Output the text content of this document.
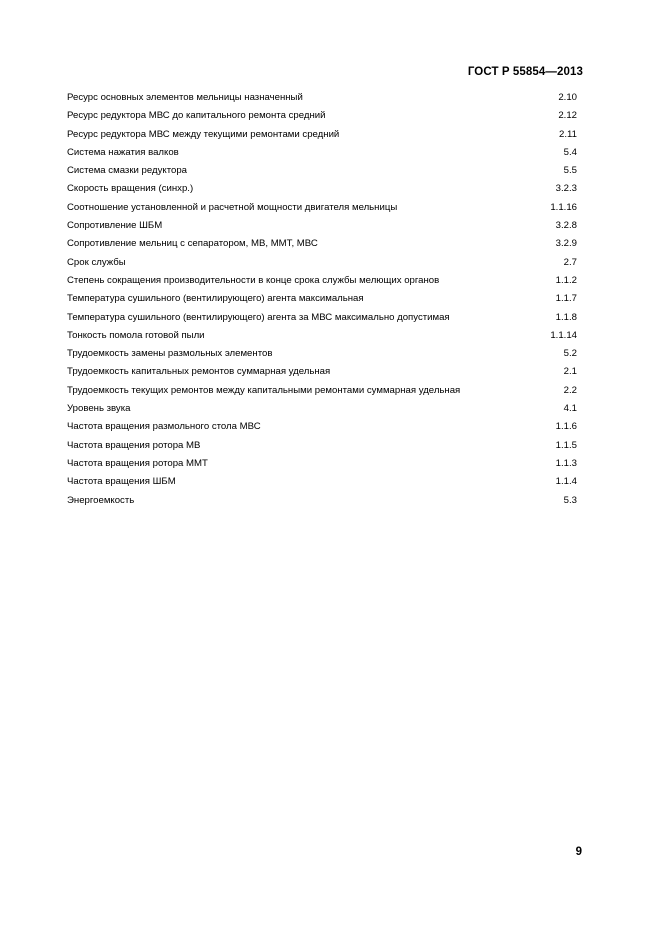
ГОСТ Р 55854—2013
Ресурс основных элементов мельницы назначенный	2.10
Ресурс редуктора МВС до капитального ремонта средний	2.12
Ресурс редуктора МВС между текущими ремонтами средний	2.11
Система нажатия валков	5.4
Система смазки редуктора	5.5
Скорость вращения (синхр.)	3.2.3
Соотношение установленной и расчетной мощности двигателя мельницы	1.1.16
Сопротивление ШБМ	3.2.8
Сопротивление мельниц с сепаратором, МВ, ММТ, МВС	3.2.9
Срок службы	2.7
Степень сокращения производительности в конце срока службы мелющих органов	1.1.2
Температура сушильного (вентилирующего) агента максимальная	1.1.7
Температура сушильного (вентилирующего) агента за МВС максимально допустимая	1.1.8
Тонкость помола готовой пыли	1.1.14
Трудоемкость замены размольных элементов	5.2
Трудоемкость капитальных ремонтов суммарная удельная	2.1
Трудоемкость текущих ремонтов между капитальными ремонтами суммарная удельная	2.2
Уровень звука	4.1
Частота вращения размольного стола МВС	1.1.6
Частота вращения ротора МВ	1.1.5
Частота вращения ротора ММТ	1.1.3
Частота вращения ШБМ	1.1.4
Энергоемкость	5.3
9
